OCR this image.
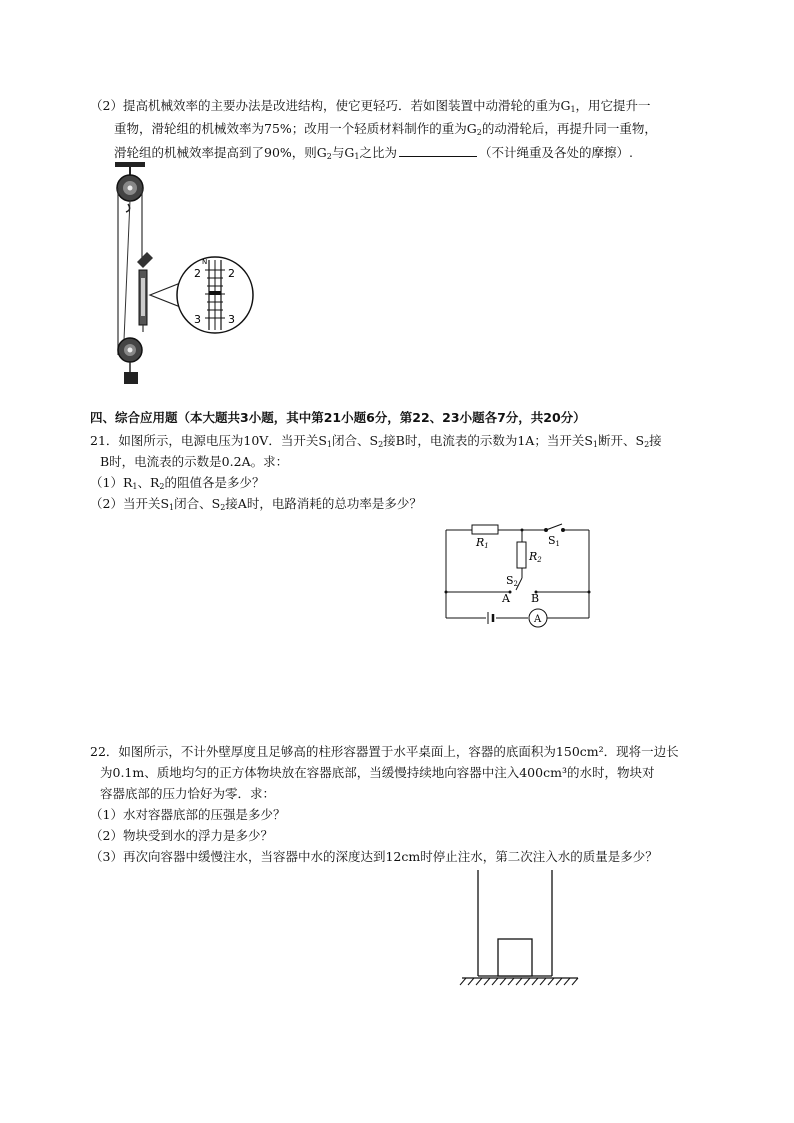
（2）提高机械效率的主要办法是改进结构，使它更轻巧．若如图装置中动滑轮的重为$G_1$，用它提升一
重物，滑轮组的机械效率为75%；改用一个轻质材料制作的重为$G_2$的动滑轮后，再提升同一重物，
滑轮组的机械效率提高到了90%，则$G_2$与$G_1$之比为	（不计绳重及各处的摩擦）.
N
2 2
3 3
四、综合应用题（本大题共3小题，其中第21小题6分，第22、23小题各7分，共20分）
21．如图所示，电源电压为10V．当开关$S_1$闭合、$S_2$接B时，电流表的示数为1A；当开关$S_1$断开、$S_2$接
B时，电流表的示数是0.2A。求：
$(1)R_1$、$R_2$的阻值各是多少？
（2）当开关$S_1$闭合、$S_2$接A时，电路消耗的总功率是多少？
R1
R2
S1
S2
A B
A
22．如图所示，不计外壁厚度且足够高的柱形容器置于水平桌面上，容器的底面积为150cm²．现将一边长
为0.1m、质地均匀的正方体物块放在容器底部，当缓慢持续地向容器中注入400cm³的水时，物块对
容器底部的压力恰好为零．求：
（1）水对容器底部的压强是多少？
（2）物块受到水的浮力是多少？
（3）再次向容器中缓慢注水，当容器中水的深度达到12cm时停止注水，第二次注入水的质量是多少？
